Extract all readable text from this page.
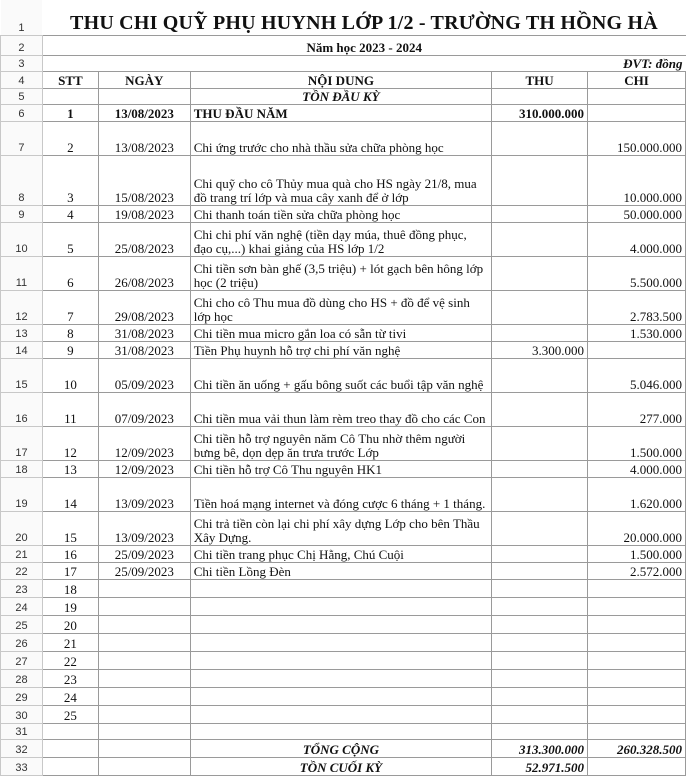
1	THU CHI QUỸ PHỤ HUYNH LỚP 1/2 - TRƯỜNG TH HỒNG HÀ				
2	Năm học 2023 - 2024				
3	ĐVT: đồng				
4	STT	NGÀY	NỘI DUNG	THU	CHI
5			TỒN ĐẦU KỲ		
6	1	13/08/2023	THU ĐẦU NĂM	310.000.000	
7	2	13/08/2023	Chi ứng trước cho nhà thầu sửa chữa phòng học		150.000.000
8	3	15/08/2023	Chi quỹ cho cô Thủy mua quà cho HS ngày 21/8, mua đồ trang trí lớp và mua cây xanh để ở lớp		10.000.000
9	4	19/08/2023	Chi thanh toán tiền sửa chữa phòng học		50.000.000
10	5	25/08/2023	Chi chi phí văn nghệ (tiền dạy múa, thuê đồng phục, đạo cụ,...) khai giảng của HS lớp 1/2		4.000.000
11	6	26/08/2023	Chi tiền sơn bàn ghế (3,5 triệu) + lót gạch bên hông lớp học (2 triệu)		5.500.000
12	7	29/08/2023	Chi cho cô Thu mua đồ dùng cho HS + đồ để vệ sinh lớp học		2.783.500
13	8	31/08/2023	Chi tiền mua micro gắn loa có sẵn từ tivi		1.530.000
14	9	31/08/2023	Tiền Phụ huynh hỗ trợ chi phí văn nghệ	3.300.000	
15	10	05/09/2023	Chi tiền ăn uống + gấu bông suốt các buổi tập văn nghệ		5.046.000
16	11	07/09/2023	Chi tiền mua vải thun làm rèm treo thay đồ cho các Con		277.000
17	12	12/09/2023	Chi tiền hỗ trợ nguyên năm Cô Thu nhờ thêm người bưng bê, dọn dẹp ăn trưa trước Lớp		1.500.000
18	13	12/09/2023	Chi tiền hỗ trợ Cô Thu nguyên HK1		4.000.000
19	14	13/09/2023	Tiền hoá mạng internet và đóng cược 6 tháng + 1 tháng.		1.620.000
20	15	13/09/2023	Chi trả tiền còn lại chi phí xây dựng Lớp cho bên Thầu Xây Dựng.		20.000.000
21	16	25/09/2023	Chi tiền trang phục Chị Hằng, Chú Cuội		1.500.000
22	17	25/09/2023	Chi tiền Lồng Đèn		2.572.000
23	18				
24	19				
25	20				
26	21				
27	22				
28	23				
29	24				
30	25				
31					
32			TỔNG CỘNG	313.300.000	260.328.500
33			TỒN CUỐI KỲ	52.971.500	
